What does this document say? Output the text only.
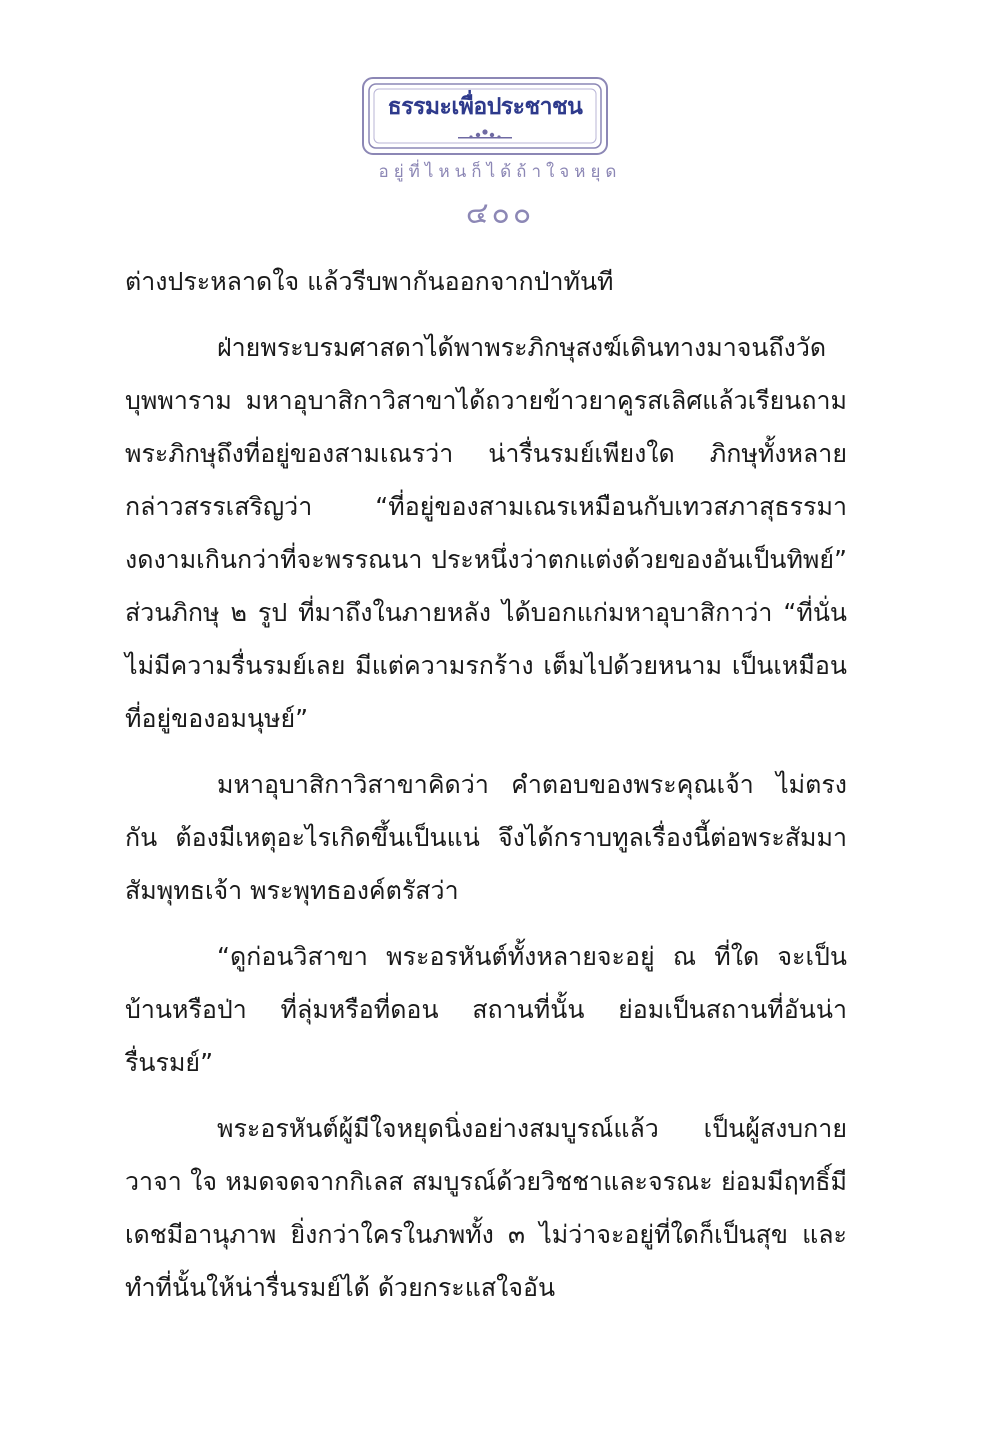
ธรรมะเพื่อประชาชน
อยู่ที่ไหนก็ได้ถ้าใจหยุด
๔๐๐

ต่างประหลาดใจ แล้วรีบพากันออกจากป่าทันที

ฝ่ายพระบรมศาสดาได้พาพระภิกษุสงฆ์เดินทางมาจนถึงวัดบุพพาราม มหาอุบาสิกาวิสาขาได้ถวายข้าวยาคูรสเลิศแล้วเรียนถามพระภิกษุถึงที่อยู่ของสามเณรว่า น่ารื่นรมย์เพียงใด ภิกษุทั้งหลายกล่าวสรรเสริญว่า “ที่อยู่ของสามเณรเหมือนกับเทวสภาสุธรรมางดงามเกินกว่าที่จะพรรณนา ประหนึ่งว่าตกแต่งด้วยของอันเป็นทิพย์” ส่วนภิกษุ ๒ รูป ที่มาถึงในภายหลัง ได้บอกแก่มหาอุบาสิกาว่า “ที่นั่นไม่มีความรื่นรมย์เลย มีแต่ความรกร้าง เต็มไปด้วยหนาม เป็นเหมือนที่อยู่ของอมนุษย์”

มหาอุบาสิกาวิสาขาคิดว่า คำตอบของพระคุณเจ้า ไม่ตรงกัน ต้องมีเหตุอะไรเกิดขึ้นเป็นแน่ จึงได้กราบทูลเรื่องนี้ต่อพระสัมมาสัมพุทธเจ้า พระพุทธองค์ตรัสว่า

“ดูก่อนวิสาขา พระอรหันต์ทั้งหลายจะอยู่ ณ ที่ใด จะเป็นบ้านหรือป่า ที่ลุ่มหรือที่ดอน สถานที่นั้น ย่อมเป็นสถานที่อันน่ารื่นรมย์”

พระอรหันต์ผู้มีใจหยุดนิ่งอย่างสมบูรณ์แล้ว เป็นผู้สงบกาย วาจา ใจ หมดจดจากกิเลส สมบูรณ์ด้วยวิชชาและจรณะ ย่อมมีฤทธิ์มีเดชมีอานุภาพ ยิ่งกว่าใครในภพทั้ง ๓ ไม่ว่าจะอยู่ที่ใดก็เป็นสุข และทำที่นั้นให้น่ารื่นรมย์ได้ ด้วยกระแสใจอัน
